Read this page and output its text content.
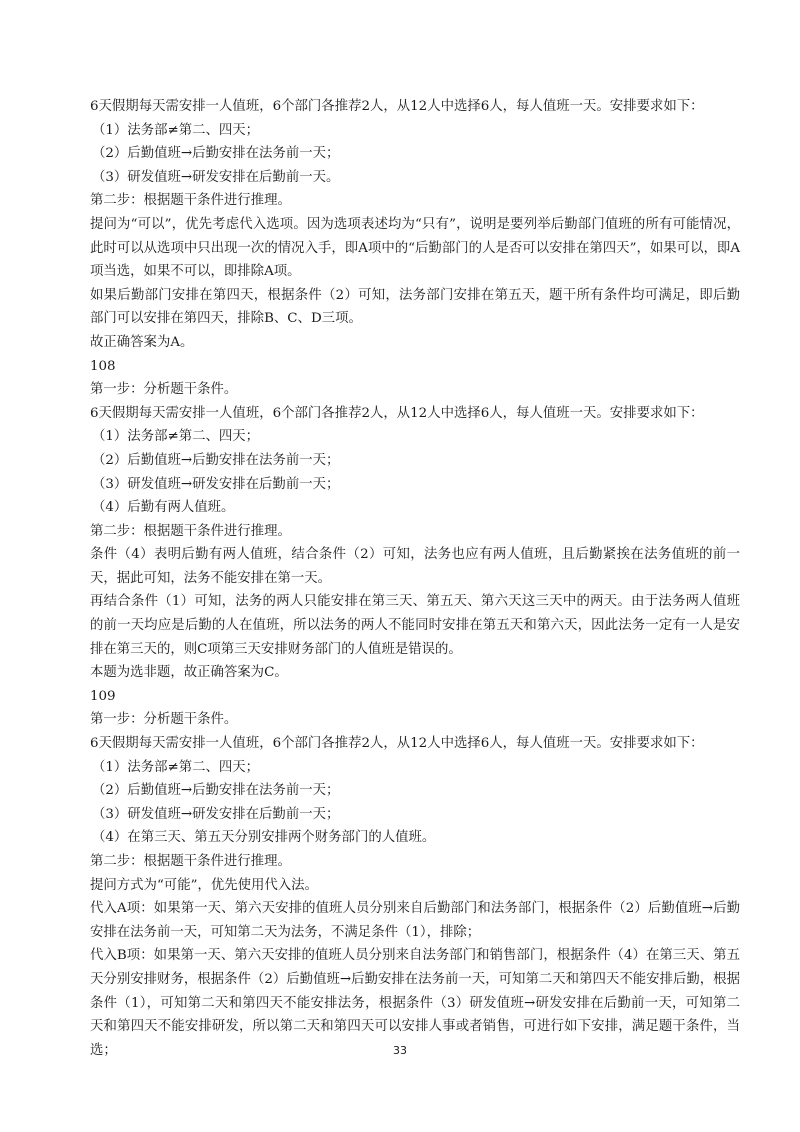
6天假期每天需安排一人值班，6个部门各推荐2人，从12人中选择6人，每人值班一天。安排要求如下：

（1）法务部≠第二、四天；

（2）后勤值班→后勤安排在法务前一天；

（3）研发值班→研发安排在后勤前一天。

第二步：根据题干条件进行推理。

提问为“可以”，优先考虑代入选项。因为选项表述均为“只有”，说明是要列举后勤部门值班的所有可能情况，此时可以从选项中只出现一次的情况入手，即A项中的“后勤部门的人是否可以安排在第四天”，如果可以，即A项当选，如果不可以，即排除A项。

如果后勤部门安排在第四天，根据条件（2）可知，法务部门安排在第五天，题干所有条件均可满足，即后勤部门可以安排在第四天，排除B、C、D三项。

故正确答案为A。

108

第一步：分析题干条件。

6天假期每天需安排一人值班，6个部门各推荐2人，从12人中选择6人，每人值班一天。安排要求如下：

（1）法务部≠第二、四天；

（2）后勤值班→后勤安排在法务前一天；

（3）研发值班→研发安排在后勤前一天；

（4）后勤有两人值班。

第二步：根据题干条件进行推理。

条件（4）表明后勤有两人值班，结合条件（2）可知，法务也应有两人值班，且后勤紧挨在法务值班的前一天，据此可知，法务不能安排在第一天。

再结合条件（1）可知，法务的两人只能安排在第三天、第五天、第六天这三天中的两天。由于法务两人值班的前一天均应是后勤的人在值班，所以法务的两人不能同时安排在第五天和第六天，因此法务一定有一人是安排在第三天的，则C项第三天安排财务部门的人值班是错误的。

本题为选非题，故正确答案为C。

109

第一步：分析题干条件。

6天假期每天需安排一人值班，6个部门各推荐2人，从12人中选择6人，每人值班一天。安排要求如下：

（1）法务部≠第二、四天；

（2）后勤值班→后勤安排在法务前一天；

（3）研发值班→研发安排在后勤前一天；

（4）在第三天、第五天分别安排两个财务部门的人值班。

第二步：根据题干条件进行推理。

提问方式为“可能”，优先使用代入法。

代入A项：如果第一天、第六天安排的值班人员分别来自后勤部门和法务部门，根据条件（2）后勤值班→后勤安排在法务前一天，可知第二天为法务，不满足条件（1），排除；

代入B项：如果第一天、第六天安排的值班人员分别来自法务部门和销售部门，根据条件（4）在第三天、第五天分别安排财务，根据条件（2）后勤值班→后勤安排在法务前一天，可知第二天和第四天不能安排后勤，根据条件（1），可知第二天和第四天不能安排法务，根据条件（3）研发值班→研发安排在后勤前一天，可知第二天和第四天不能安排研发，所以第二天和第四天可以安排人事或者销售，可进行如下安排，满足题干条件，当选；	33
